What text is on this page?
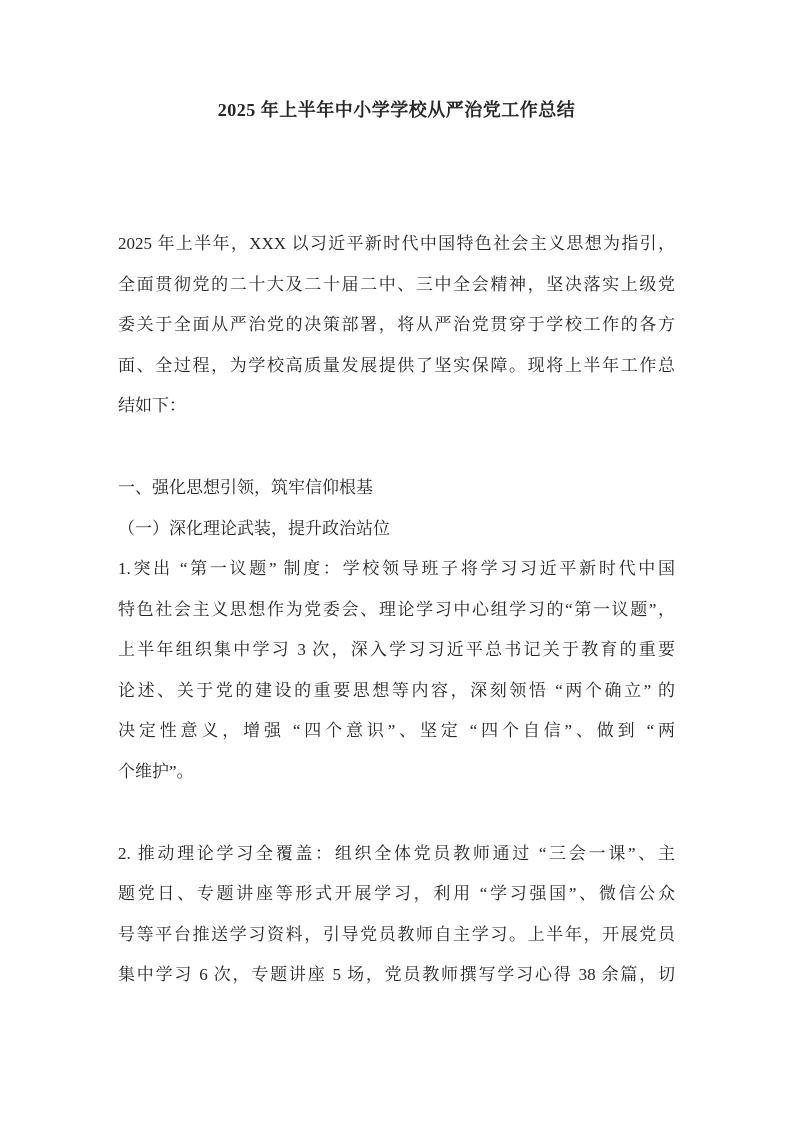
2025 年上半年中小学学校从严治党工作总结
2025 年上半年，XXX 以习近平新时代中国特色社会主义思想为指引，
全面贯彻党的二十大及二十届二中、三中全会精神，坚决落实上级党
委关于全面从严治党的决策部署，将从严治党贯穿于学校工作的各方
面、全过程，为学校高质量发展提供了坚实保障。现将上半年工作总
结如下：
一、强化思想引领，筑牢信仰根基
（一）深化理论武装，提升政治站位
1.突出 “第一议题” 制度：学校领导班子将学习习近平新时代中国
特色社会主义思想作为党委会、理论学习中心组学习的“第一议题”，
上半年组织集中学习 3 次，深入学习习近平总书记关于教育的重要
论述、关于党的建设的重要思想等内容，深刻领悟 “两个确立” 的
决定性意义，增强 “四个意识”、坚定 “四个自信”、做到 “两
个维护”。
2. 推动理论学习全覆盖：组织全体党员教师通过 “三会一课”、主
题党日、专题讲座等形式开展学习，利用 “学习强国”、微信公众
号等平台推送学习资料，引导党员教师自主学习。上半年，开展党员
集中学习 6 次，专题讲座 5 场，党员教师撰写学习心得 38 余篇，切
